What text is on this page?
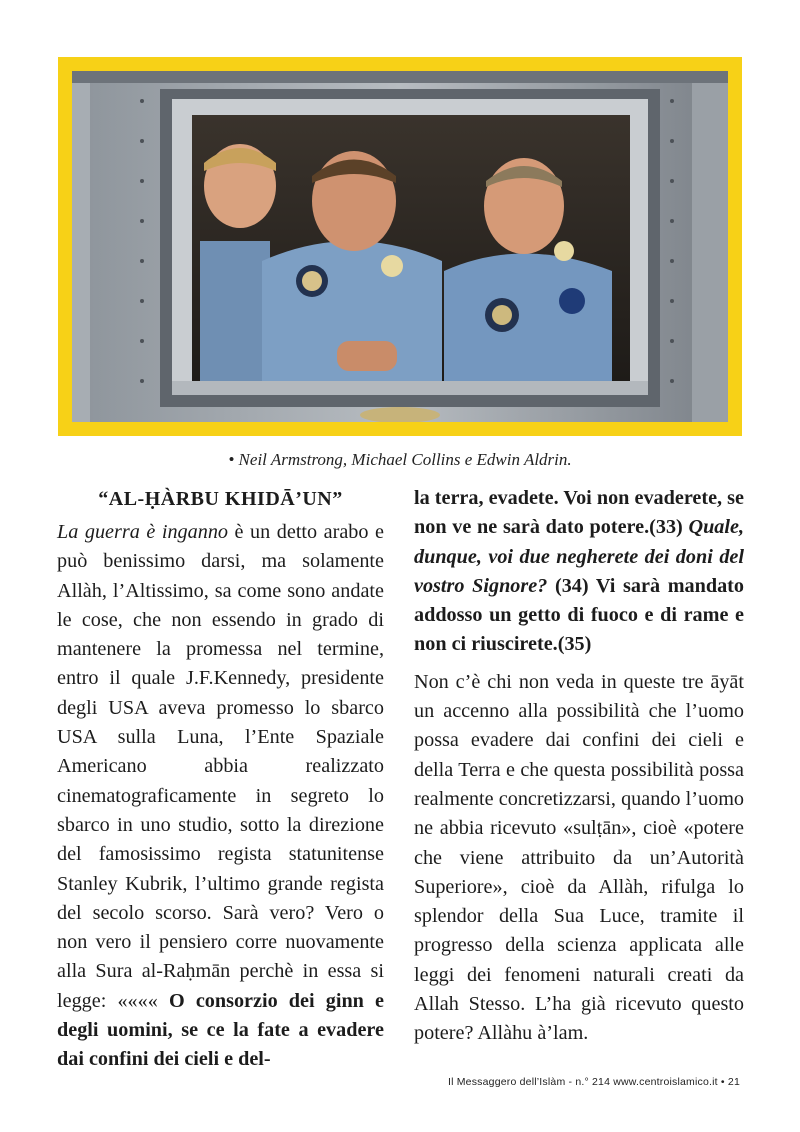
• Neil Armstrong, Michael Collins e Edwin Aldrin.
“AL-ḤÀRBU KHIDĀ’UN”

La guerra è inganno è un detto arabo e può benissimo darsi, ma solamente Allàh, l’Altissimo, sa come sono andate le cose, che non essendo in grado di mantenere la promessa nel termine, entro il quale J.F.Kennedy, presidente degli USA aveva promesso lo sbarco USA sulla Luna, l’Ente Spaziale Americano abbia realizzato cinematograficamente in segreto lo sbarco in uno studio, sotto la direzione del famosissimo regista statunitense Stanley Kubrik, l’ultimo grande regista del secolo scorso. Sarà vero? Vero o non vero il pensiero corre nuovamente alla Sura al-Raḥmān perchè in essa si legge: «««« O consorzio dei ginn e degli uomini, se ce la fate a evadere dai confini dei cieli e del-

la terra, evadete. Voi non evaderete, se non ve ne sarà dato potere.(33) Quale, dunque, voi due negherete dei doni del vostro Signore? (34) Vi sarà mandato addosso un getto di fuoco e di rame e non ci riuscirete.(35)

Non c’è chi non veda in queste tre āyāt un accenno alla possibilità che l’uomo possa evadere dai confini dei cieli e della Terra e che questa possibilità possa realmente concretizzarsi, quando l’uomo ne abbia ricevuto «sulṭān», cioè «potere che viene attribuito da un’Autorità Superiore», cioè da Allàh, rifulga lo splendor della Sua Luce, tramite il progresso della scienza applicata alle leggi dei fenomeni naturali creati da Allah Stesso. L’ha già ricevuto questo potere? Allàhu à’lam.

Il Messaggero dell’Islàm - n.° 214 www.centroislamico.it • 21
